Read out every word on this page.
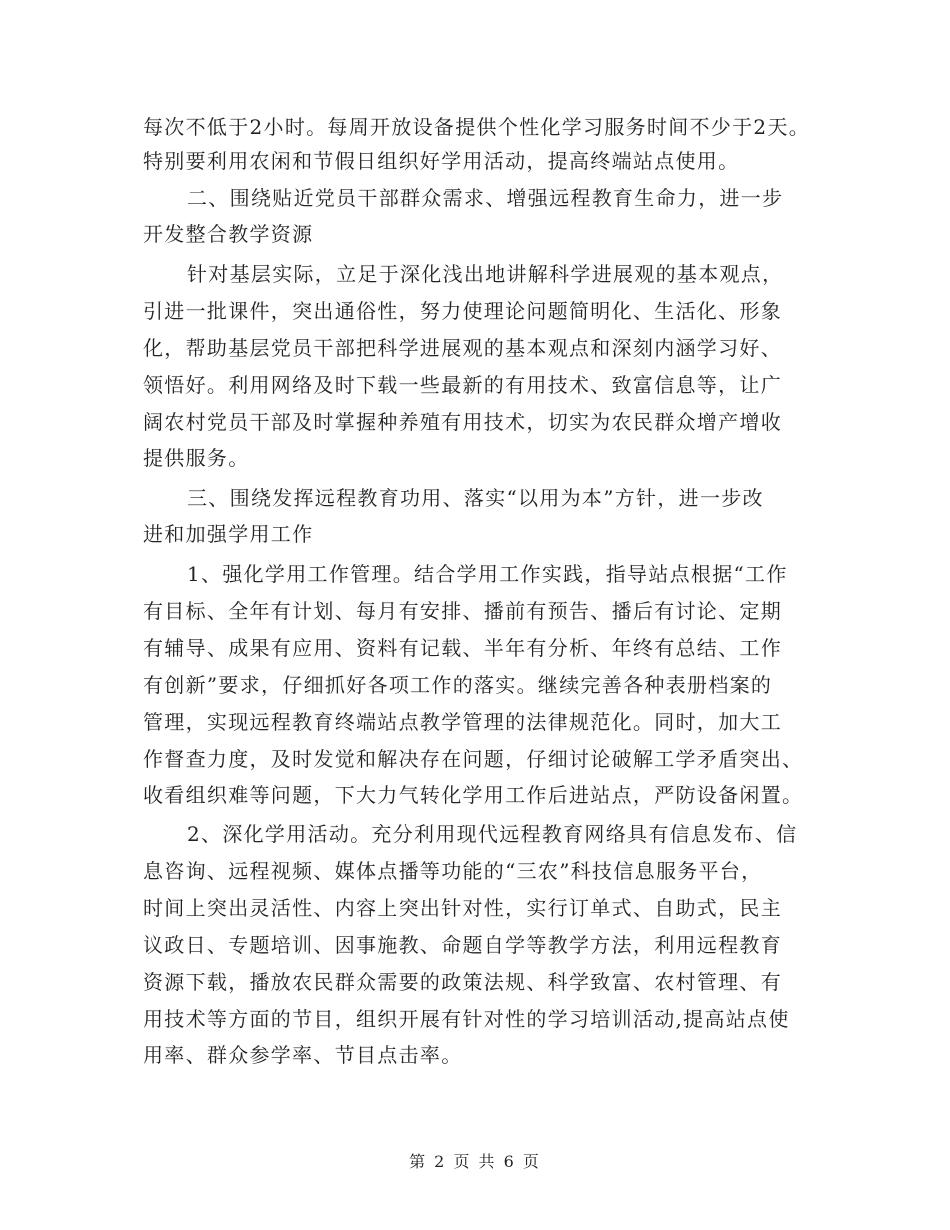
每次不低于2小时。每周开放设备提供个性化学习服务时间不少于2天。
特别要利用农闲和节假日组织好学用活动，提高终端站点使用。
二、围绕贴近党员干部群众需求、增强远程教育生命力，进一步
开发整合教学资源
针对基层实际，立足于深化浅出地讲解科学进展观的基本观点，
引进一批课件，突出通俗性，努力使理论问题简明化、生活化、形象
化，帮助基层党员干部把科学进展观的基本观点和深刻内涵学习好、
领悟好。利用网络及时下载一些最新的有用技术、致富信息等，让广
阔农村党员干部及时掌握种养殖有用技术，切实为农民群众增产增收
提供服务。
三、围绕发挥远程教育功用、落实“以用为本”方针，进一步改
进和加强学用工作
1、强化学用工作管理。结合学用工作实践，指导站点根据“工作
有目标、全年有计划、每月有安排、播前有预告、播后有讨论、定期
有辅导、成果有应用、资料有记载、半年有分析、年终有总结、工作
有创新”要求，仔细抓好各项工作的落实。继续完善各种表册档案的
管理，实现远程教育终端站点教学管理的法律规范化。同时，加大工
作督查力度，及时发觉和解决存在问题，仔细讨论破解工学矛盾突出、
收看组织难等问题，下大力气转化学用工作后进站点，严防设备闲置。
2、深化学用活动。充分利用现代远程教育网络具有信息发布、信
息咨询、远程视频、媒体点播等功能的“三农”科技信息服务平台，
时间上突出灵活性、内容上突出针对性，实行订单式、自助式，民主
议政日、专题培训、因事施教、命题自学等教学方法，利用远程教育
资源下载，播放农民群众需要的政策法规、科学致富、农村管理、有
用技术等方面的节目，组织开展有针对性的学习培训活动,提高站点使
用率、群众参学率、节目点击率。
第 2 页 共 6 页
